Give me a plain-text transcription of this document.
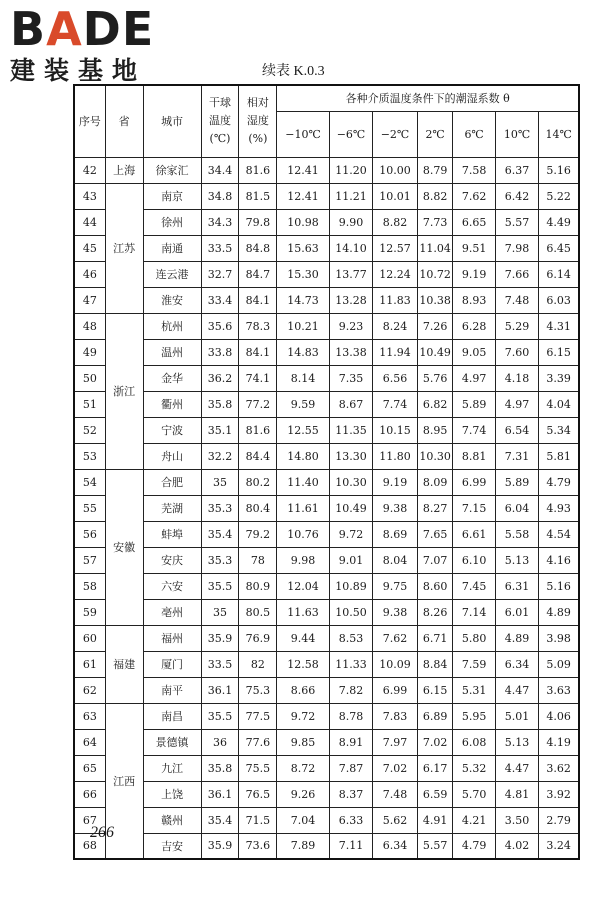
BADE
建装基地	续表 K.0.3
序号	省	城市	干球
温度
(℃)	相对
湿度
(%)	各种介质温度条件下的潮湿系数 θ						
					−10℃	−6℃	−2℃	2℃	6℃	10℃	14℃
42	上海	徐家汇	34.4	81.6	12.41	11.20	10.00	8.79	7.58	6.37	5.16
43	江苏	南京	34.8	81.5	12.41	11.21	10.01	8.82	7.62	6.42	5.22
44		徐州	34.3	79.8	10.98	9.90	8.82	7.73	6.65	5.57	4.49
45		南通	33.5	84.8	15.63	14.10	12.57	11.04	9.51	7.98	6.45
46		连云港	32.7	84.7	15.30	13.77	12.24	10.72	9.19	7.66	6.14
47		淮安	33.4	84.1	14.73	13.28	11.83	10.38	8.93	7.48	6.03
48	浙江	杭州	35.6	78.3	10.21	9.23	8.24	7.26	6.28	5.29	4.31
49		温州	33.8	84.1	14.83	13.38	11.94	10.49	9.05	7.60	6.15
50		金华	36.2	74.1	8.14	7.35	6.56	5.76	4.97	4.18	3.39
51		衢州	35.8	77.2	9.59	8.67	7.74	6.82	5.89	4.97	4.04
52		宁波	35.1	81.6	12.55	11.35	10.15	8.95	7.74	6.54	5.34
53		舟山	32.2	84.4	14.80	13.30	11.80	10.30	8.81	7.31	5.81
54	安徽	合肥	35	80.2	11.40	10.30	9.19	8.09	6.99	5.89	4.79
55		芜湖	35.3	80.4	11.61	10.49	9.38	8.27	7.15	6.04	4.93
56		蚌埠	35.4	79.2	10.76	9.72	8.69	7.65	6.61	5.58	4.54
57		安庆	35.3	78	9.98	9.01	8.04	7.07	6.10	5.13	4.16
58		六安	35.5	80.9	12.04	10.89	9.75	8.60	7.45	6.31	5.16
59		亳州	35	80.5	11.63	10.50	9.38	8.26	7.14	6.01	4.89
60	福建	福州	35.9	76.9	9.44	8.53	7.62	6.71	5.80	4.89	3.98
61		厦门	33.5	82	12.58	11.33	10.09	8.84	7.59	6.34	5.09
62		南平	36.1	75.3	8.66	7.82	6.99	6.15	5.31	4.47	3.63
63	江西	南昌	35.5	77.5	9.72	8.78	7.83	6.89	5.95	5.01	4.06
64		景德镇	36	77.6	9.85	8.91	7.97	7.02	6.08	5.13	4.19
65		九江	35.8	75.5	8.72	7.87	7.02	6.17	5.32	4.47	3.62
66		上饶	36.1	76.5	9.26	8.37	7.48	6.59	5.70	4.81	3.92
67		赣州	35.4	71.5	7.04	6.33	5.62	4.91	4.21	3.50	2.79
68		吉安	35.9	73.6	7.89	7.11	6.34	5.57	4.79	4.02	3.24
266
